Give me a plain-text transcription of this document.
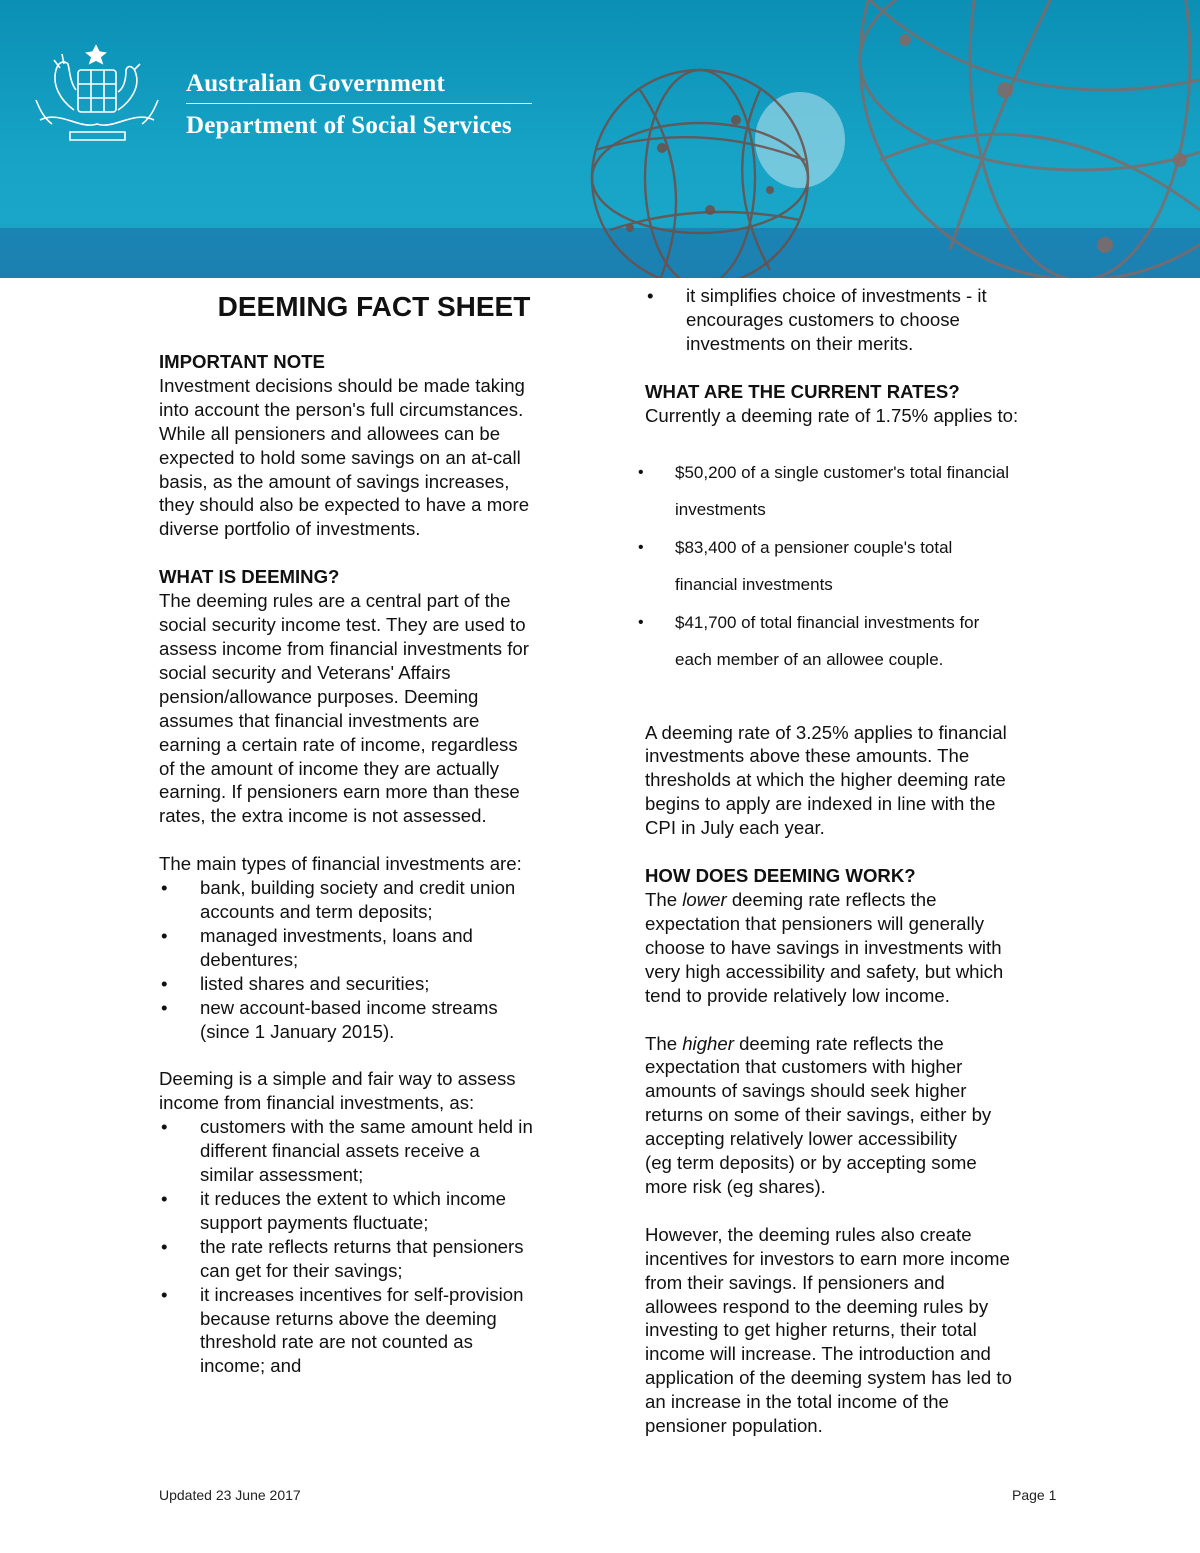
Australian Government
Department of Social Services
DEEMING FACT SHEET

IMPORTANT NOTE

Investment decisions should be made taking

into account the person's full circumstances.

While all pensioners and allowees can be

expected to hold some savings on an at-call

basis, as the amount of savings increases,

they should also be expected to have a more

diverse portfolio of investments.

WHAT IS DEEMING?

The deeming rules are a central part of the

social security income test. They are used to

assess income from financial investments for

social security and Veterans' Affairs

pension/allowance purposes. Deeming

assumes that financial investments are

earning a certain rate of income, regardless

of the amount of income they are actually

earning. If pensioners earn more than these

rates, the extra income is not assessed.

The main types of financial investments are:

• bank, building society and credit union
accounts and term deposits;
• managed investments, loans and
debentures;
• listed shares and securities;
• new account-based income streams
(since 1 January 2015).

Deeming is a simple and fair way to assess

income from financial investments, as:

• customers with the same amount held in
different financial assets receive a
similar assessment;
• it reduces the extent to which income
support payments fluctuate;
• the rate reflects returns that pensioners
can get for their savings;
• it increases incentives for self-provision
because returns above the deeming
threshold rate are not counted as
income; and
• it simplifies choice of investments - it
encourages customers to choose
investments on their merits.

WHAT ARE THE CURRENT RATES?

Currently a deeming rate of 1.75% applies to:

• $50,200 of a single customer's total financial
investments
• $83,400 of a pensioner couple's total
financial investments
• $41,700 of total financial investments for
each member of an allowee couple.

A deeming rate of 3.25% applies to financial

investments above these amounts. The

thresholds at which the higher deeming rate

begins to apply are indexed in line with the

CPI in July each year.

HOW DOES DEEMING WORK?

The lower deeming rate reflects the

expectation that pensioners will generally

choose to have savings in investments with

very high accessibility and safety, but which

tend to provide relatively low income.

The higher deeming rate reflects the

expectation that customers with higher

amounts of savings should seek higher

returns on some of their savings, either by

accepting relatively lower accessibility

(eg term deposits) or by accepting some

more risk (eg shares).

However, the deeming rules also create

incentives for investors to earn more income

from their savings. If pensioners and

allowees respond to the deeming rules by

investing to get higher returns, their total

income will increase. The introduction and

application of the deeming system has led to

an increase in the total income of the

pensioner population.

Updated 23 June 2017	Page 1
